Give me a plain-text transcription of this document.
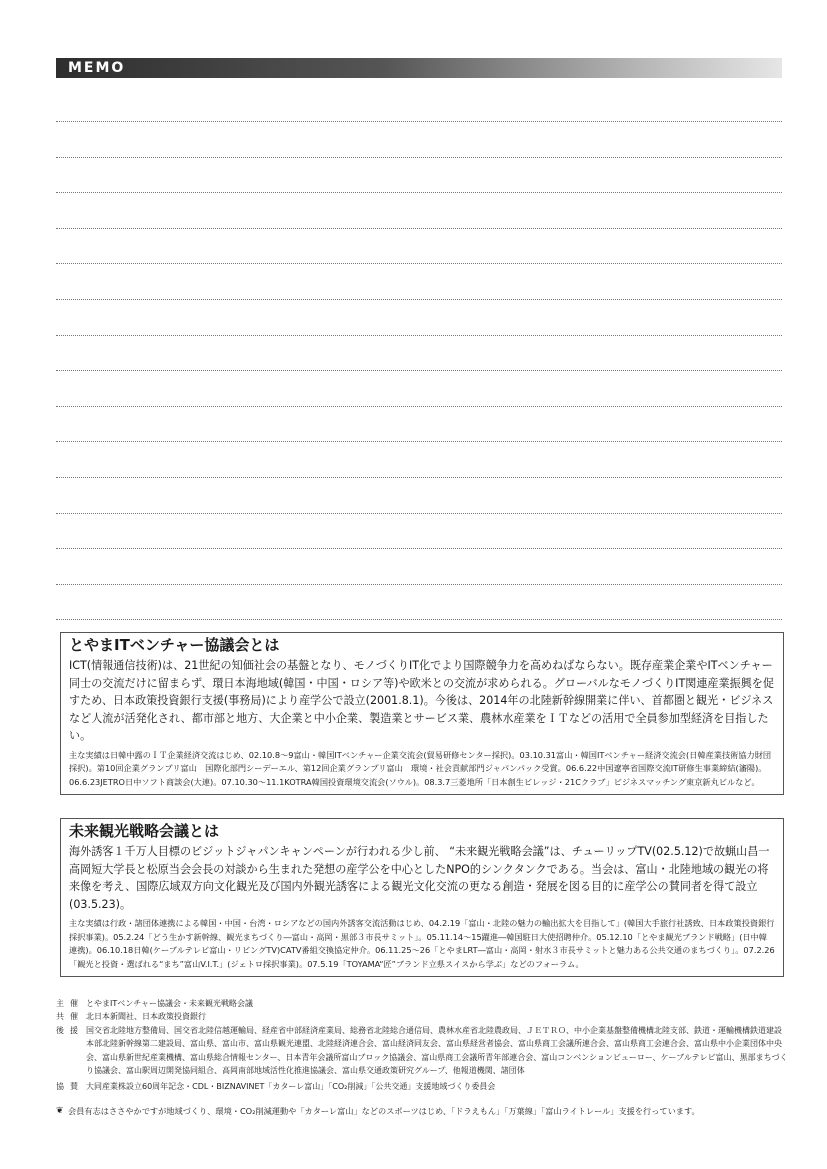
MEMO
とやまITベンチャー協議会とは

ICT(情報通信技術)は、21世紀の知価社会の基盤となり、モノづくりIT化でより国際競争力を高めねばならない。既存産業企業やITベンチャー同士の交流だけに留まらず、環日本海地域(韓国・中国・ロシア等)や欧米との交流が求められる。グローバルなモノづくりIT関連産業振興を促すため、日本政策投資銀行支援(事務局)により産学公で設立(2001.8.1)。今後は、2014年の北陸新幹線開業に伴い、首都圏と観光・ビジネスなど人流が活発化され、都市部と地方、大企業と中小企業、製造業とサービス業、農林水産業をＩＴなどの活用で全員参加型経済を目指したい。

主な実績は日韓中露のＩＴ企業経済交流はじめ、02.10.8〜9富山・韓国ITベンチャー企業交流会(貿易研修センター採択)。03.10.31富山・韓国ITベンチャー経済交流会(日韓産業技術協力財団採択)。第10回企業グランプリ富山　国際化部門シーデーエル、第12回企業グランプリ富山　環境・社会貢献部門ジャパンパック受賞。06.6.22中国遼寧省国際交流IT研修生事業締結(瀋陽)。06.6.23JETRO日中ソフト商談会(大連)。07.10.30〜11.1KOTRA韓国投資環境交流会(ソウル)。08.3.7三菱地所「日本創生ビレッジ・21Cクラブ」ビジネスマッチング東京新丸ビルなど。

未来観光戦略会議とは

海外誘客１千万人目標のビジットジャパンキャンペーンが行われる少し前、 “未来観光戦略会議”は、チューリップTV(02.5.12)で故蝋山昌一高岡短大学長と松原当会会長の対談から生まれた発想の産学公を中心としたNPO的シンクタンクである。当会は、富山・北陸地域の観光の将来像を考え、国際広域双方向文化観光及び国内外観光誘客による観光文化交流の更なる創造・発展を図る目的に産学公の賛同者を得て設立(03.5.23)。

主な実績は行政・諸団体連携による韓国・中国・台湾・ロシアなどの国内外誘客交流活動はじめ、04.2.19「富山・北陸の魅力の輸出拡大を目指して」(韓国大手旅行社誘致、日本政策投資銀行採択事業)。05.2.24「どう生かす新幹線、観光まちづくり―富山・高岡・黒部３市長サミット」。05.11.14〜15躍進―韓国駐日大使招聘仲介。05.12.10「とやま観光ブランド戦略」(日中韓連携)。06.10.18日韓(ケーブルテレビ富山・リビングTV)CATV番組交換協定仲介。06.11.25〜26「とやまLRT―富山・高岡・射水３市長サミットと魅力ある公共交通のまちづくり」。07.2.26「観光と投資・選ばれる“まち”富山V.I.T.」(ジェトロ採択事業)。07.5.19「TOYAMA“匠”ブランド立県スイスから学ぶ」などのフォーラム。

主催 とやまITベンチャー協議会・未来観光戦略会議
共催 北日本新聞社、日本政策投資銀行
後援 国交省北陸地方整備局、国交省北陸信越運輸局、経産省中部経済産業局、総務省北陸総合通信局、農林水産省北陸農政局、ＪＥＴＲＯ、中小企業基盤整備機構北陸支部、鉄道・運輸機構鉄道建設本部北陸新幹線第二建設局、富山県、富山市、富山県観光連盟、北陸経済連合会、富山経済同友会、富山県経営者協会、富山県商工会議所連合会、富山県商工会連合会、富山県中小企業団体中央会、富山県新世紀産業機構、富山県総合情報センター、日本青年会議所富山ブロック協議会、富山県商工会議所青年部連合会、富山コンベンションビューロー、ケーブルテレビ富山、黒部まちづくり協議会、富山駅周辺開発協同組合、高岡南部地域活性化推進協議会、富山県交通政策研究グループ、他報道機関、諸団体
協賛 大同産業株設立60周年記念・CDL・BIZNAVINET「カターレ富山」「CO₂削減」「公共交通」支援地域づくり委員会
❦ 会員有志はささやかですが地域づくり、環境・CO₂削減運動や「カターレ富山」などのスポーツはじめ、「ドラえもん」「万葉線」「富山ライトレール」支援を行っています。
